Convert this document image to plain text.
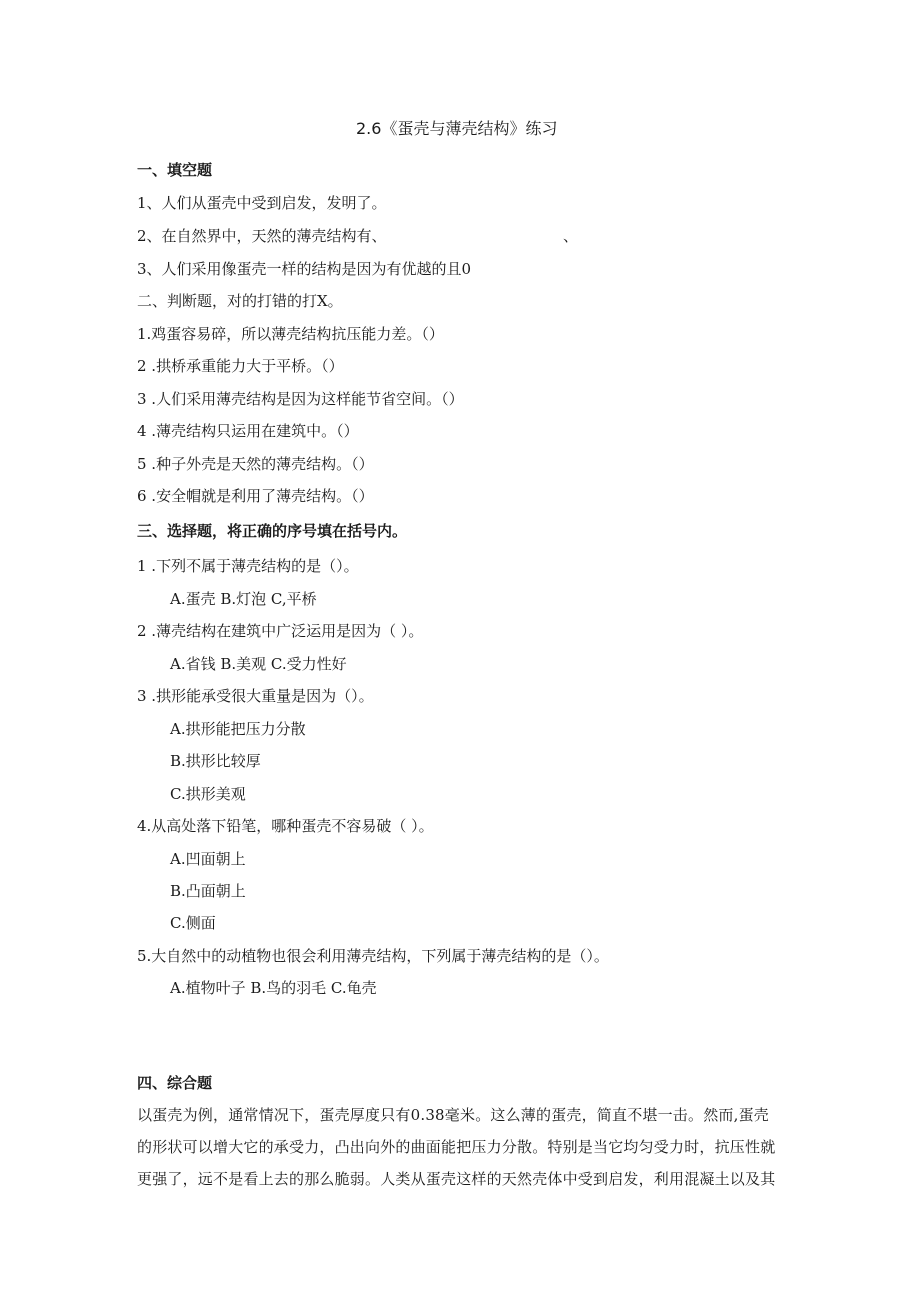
2.6《蛋壳与薄壳结构》练习
一、填空题
1、人们从蛋壳中受到启发，发明了。
2、在自然界中，天然的薄壳结构有、	、
3、人们采用像蛋壳一样的结构是因为有优越的且0
二、判断题，对的打错的打X。
1.鸡蛋容易碎，所以薄壳结构抗压能力差。（）
2 .拱桥承重能力大于平桥。（）
3 .人们采用薄壳结构是因为这样能节省空间。（）
4 .薄壳结构只运用在建筑中。（）
5 .种子外壳是天然的薄壳结构。（）
6 .安全帽就是利用了薄壳结构。（）
三、选择题，将正确的序号填在括号内。
1 .下列不属于薄壳结构的是（）。
A.蛋壳 B.灯泡 C,平桥
2 .薄壳结构在建筑中广泛运用是因为（ ）。
A.省钱 B.美观 C.受力性好
3 .拱形能承受很大重量是因为（）。
A.拱形能把压力分散
B.拱形比较厚
C.拱形美观
4.从高处落下铅笔，哪种蛋壳不容易破（ ）。
A.凹面朝上
B.凸面朝上
C.侧面
5.大自然中的动植物也很会利用薄壳结构，下列属于薄壳结构的是（）。
A.植物叶子 B.鸟的羽毛 C.龟壳
四、综合题
以蛋壳为例，通常情况下，蛋壳厚度只有0.38毫米。这么薄的蛋壳，简直不堪一击。然而,蛋壳
的形状可以增大它的承受力，凸出向外的曲面能把压力分散。特别是当它均匀受力时，抗压性就
更强了，远不是看上去的那么脆弱。人类从蛋壳这样的天然壳体中受到启发，利用混凝土以及其
